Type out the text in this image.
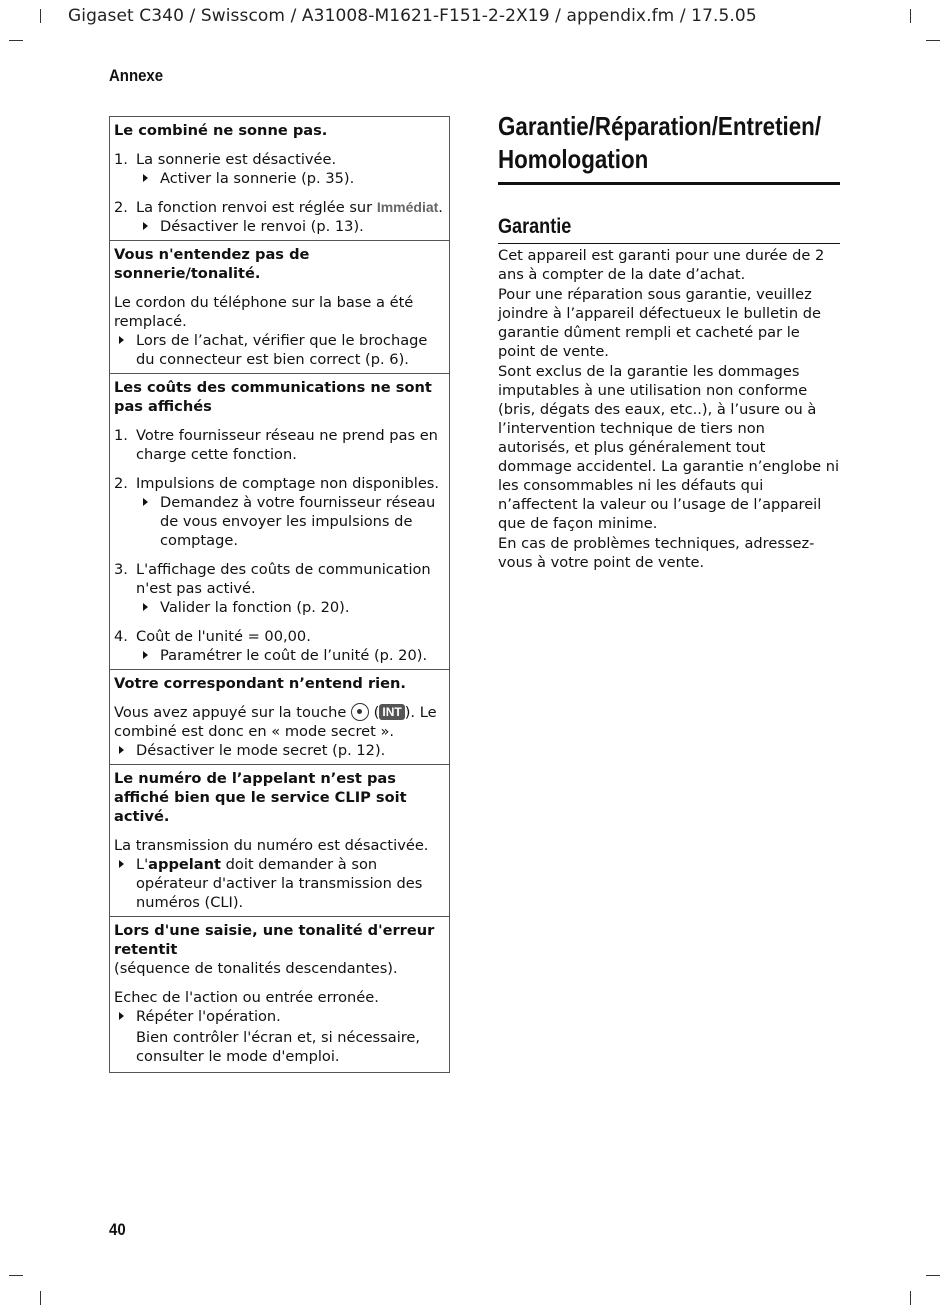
Gigaset C340 / Swisscom / A31008-M1621-F151-2-2X19 / appendix.fm / 17.5.05
Annexe
Le combiné ne sonne pas.
1. La sonnerie est désactivée.
Activer la sonnerie (p. 35).
2. La fonction renvoi est réglée sur Immédiat.
Désactiver le renvoi (p. 13).
Vous n'entendez pas de sonnerie/tonalité.

Le cordon du téléphone sur la base a été remplacé.

Lors de l’achat, vérifier que le brochage du connecteur est bien correct (p. 6).
Les coûts des communications ne sont pas affichés
1. Votre fournisseur réseau ne prend pas en charge cette fonction.
2. Impulsions de comptage non disponibles.
Demandez à votre fournisseur réseau de vous envoyer les impulsions de comptage.
3. L'affichage des coûts de communication n'est pas activé.
Valider la fonction (p. 20).
4. Coût de l'unité = 00,00.
Paramétrer le coût de l’unité (p. 20).
Votre correspondant n’entend rien.

Vous avez appuyé sur la touche  ( INT ). Le combiné est donc en « mode secret ».

Désactiver le mode secret (p. 12).
Le numéro de l’appelant n’est pas affiché bien que le service CLIP soit activé.

La transmission du numéro est désactivée.

L'appelant doit demander à son opérateur d'activer la transmission des numéros (CLI).
Lors d'une saisie, une tonalité d'erreur retentit

(séquence de tonalités descendantes).

Echec de l'action ou entrée erronée.

Répéter l'opération.

Bien contrôler l'écran et, si nécessaire, consulter le mode d'emploi.

Garantie/Réparation/Entretien/ Homologation
Garantie

Cet appareil est garanti pour une durée de 2 ans à compter de la date d’achat.

Pour une réparation sous garantie, veuillez joindre à l’appareil défectueux le bulletin de garantie dûment rempli et cacheté par le point de vente.

Sont exclus de la garantie les dommages imputables à une utilisation non conforme (bris, dégats des eaux, etc..), à l’usure ou à l’intervention technique de tiers non autorisés, et plus généralement tout dommage accidentel. La garantie n’englobe ni les consommables ni les défauts qui n’affectent la valeur ou l’usage de l’appareil que de façon minime.

En cas de problèmes techniques, adressez-vous à votre point de vente.

40
